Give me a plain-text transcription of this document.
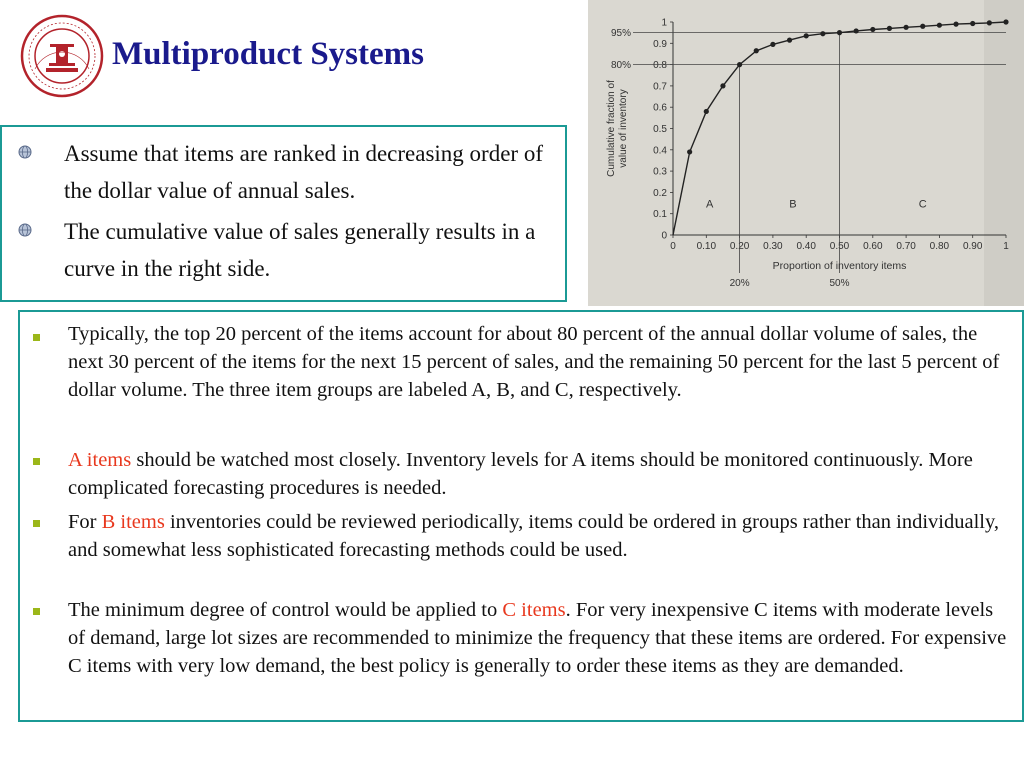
Multiproduct Systems
Assume that items are ranked in decreasing order of the dollar value of annual sales.
The cumulative value of sales generally results in a curve in the right side.
0
0.1
0.2
0.3
0.4
0.5
0.6
0.7
0.8
0.9
1
0 0.10 0.20 0.30 0.40 0.50 0.60 0.70 0.80 0.90 1
95%
80%
20%	50%
A	B	C
Proportion of inventory items
Cumulative fraction of value of inventory
Typically, the top 20 percent of the items account for about 80 percent of the annual dollar volume of sales, the next 30 percent of the items for the next 15 percent of sales, and the remaining 50 percent for the last 5 percent of dollar volume. The three item groups are labeled A, B, and C, respectively.
A items should be watched most closely. Inventory levels for A items should be monitored continuously. More complicated forecasting procedures is needed.
For B items inventories could be reviewed periodically, items could be ordered in groups rather than individually, and somewhat less sophisticated forecasting methods could be used.
The minimum degree of control would be applied to C items. For very inexpensive C items with moderate levels of demand, large lot sizes are recommended to minimize the frequency that these items are ordered. For expensive C items with very low demand, the best policy is generally to order these items as they are demanded.
